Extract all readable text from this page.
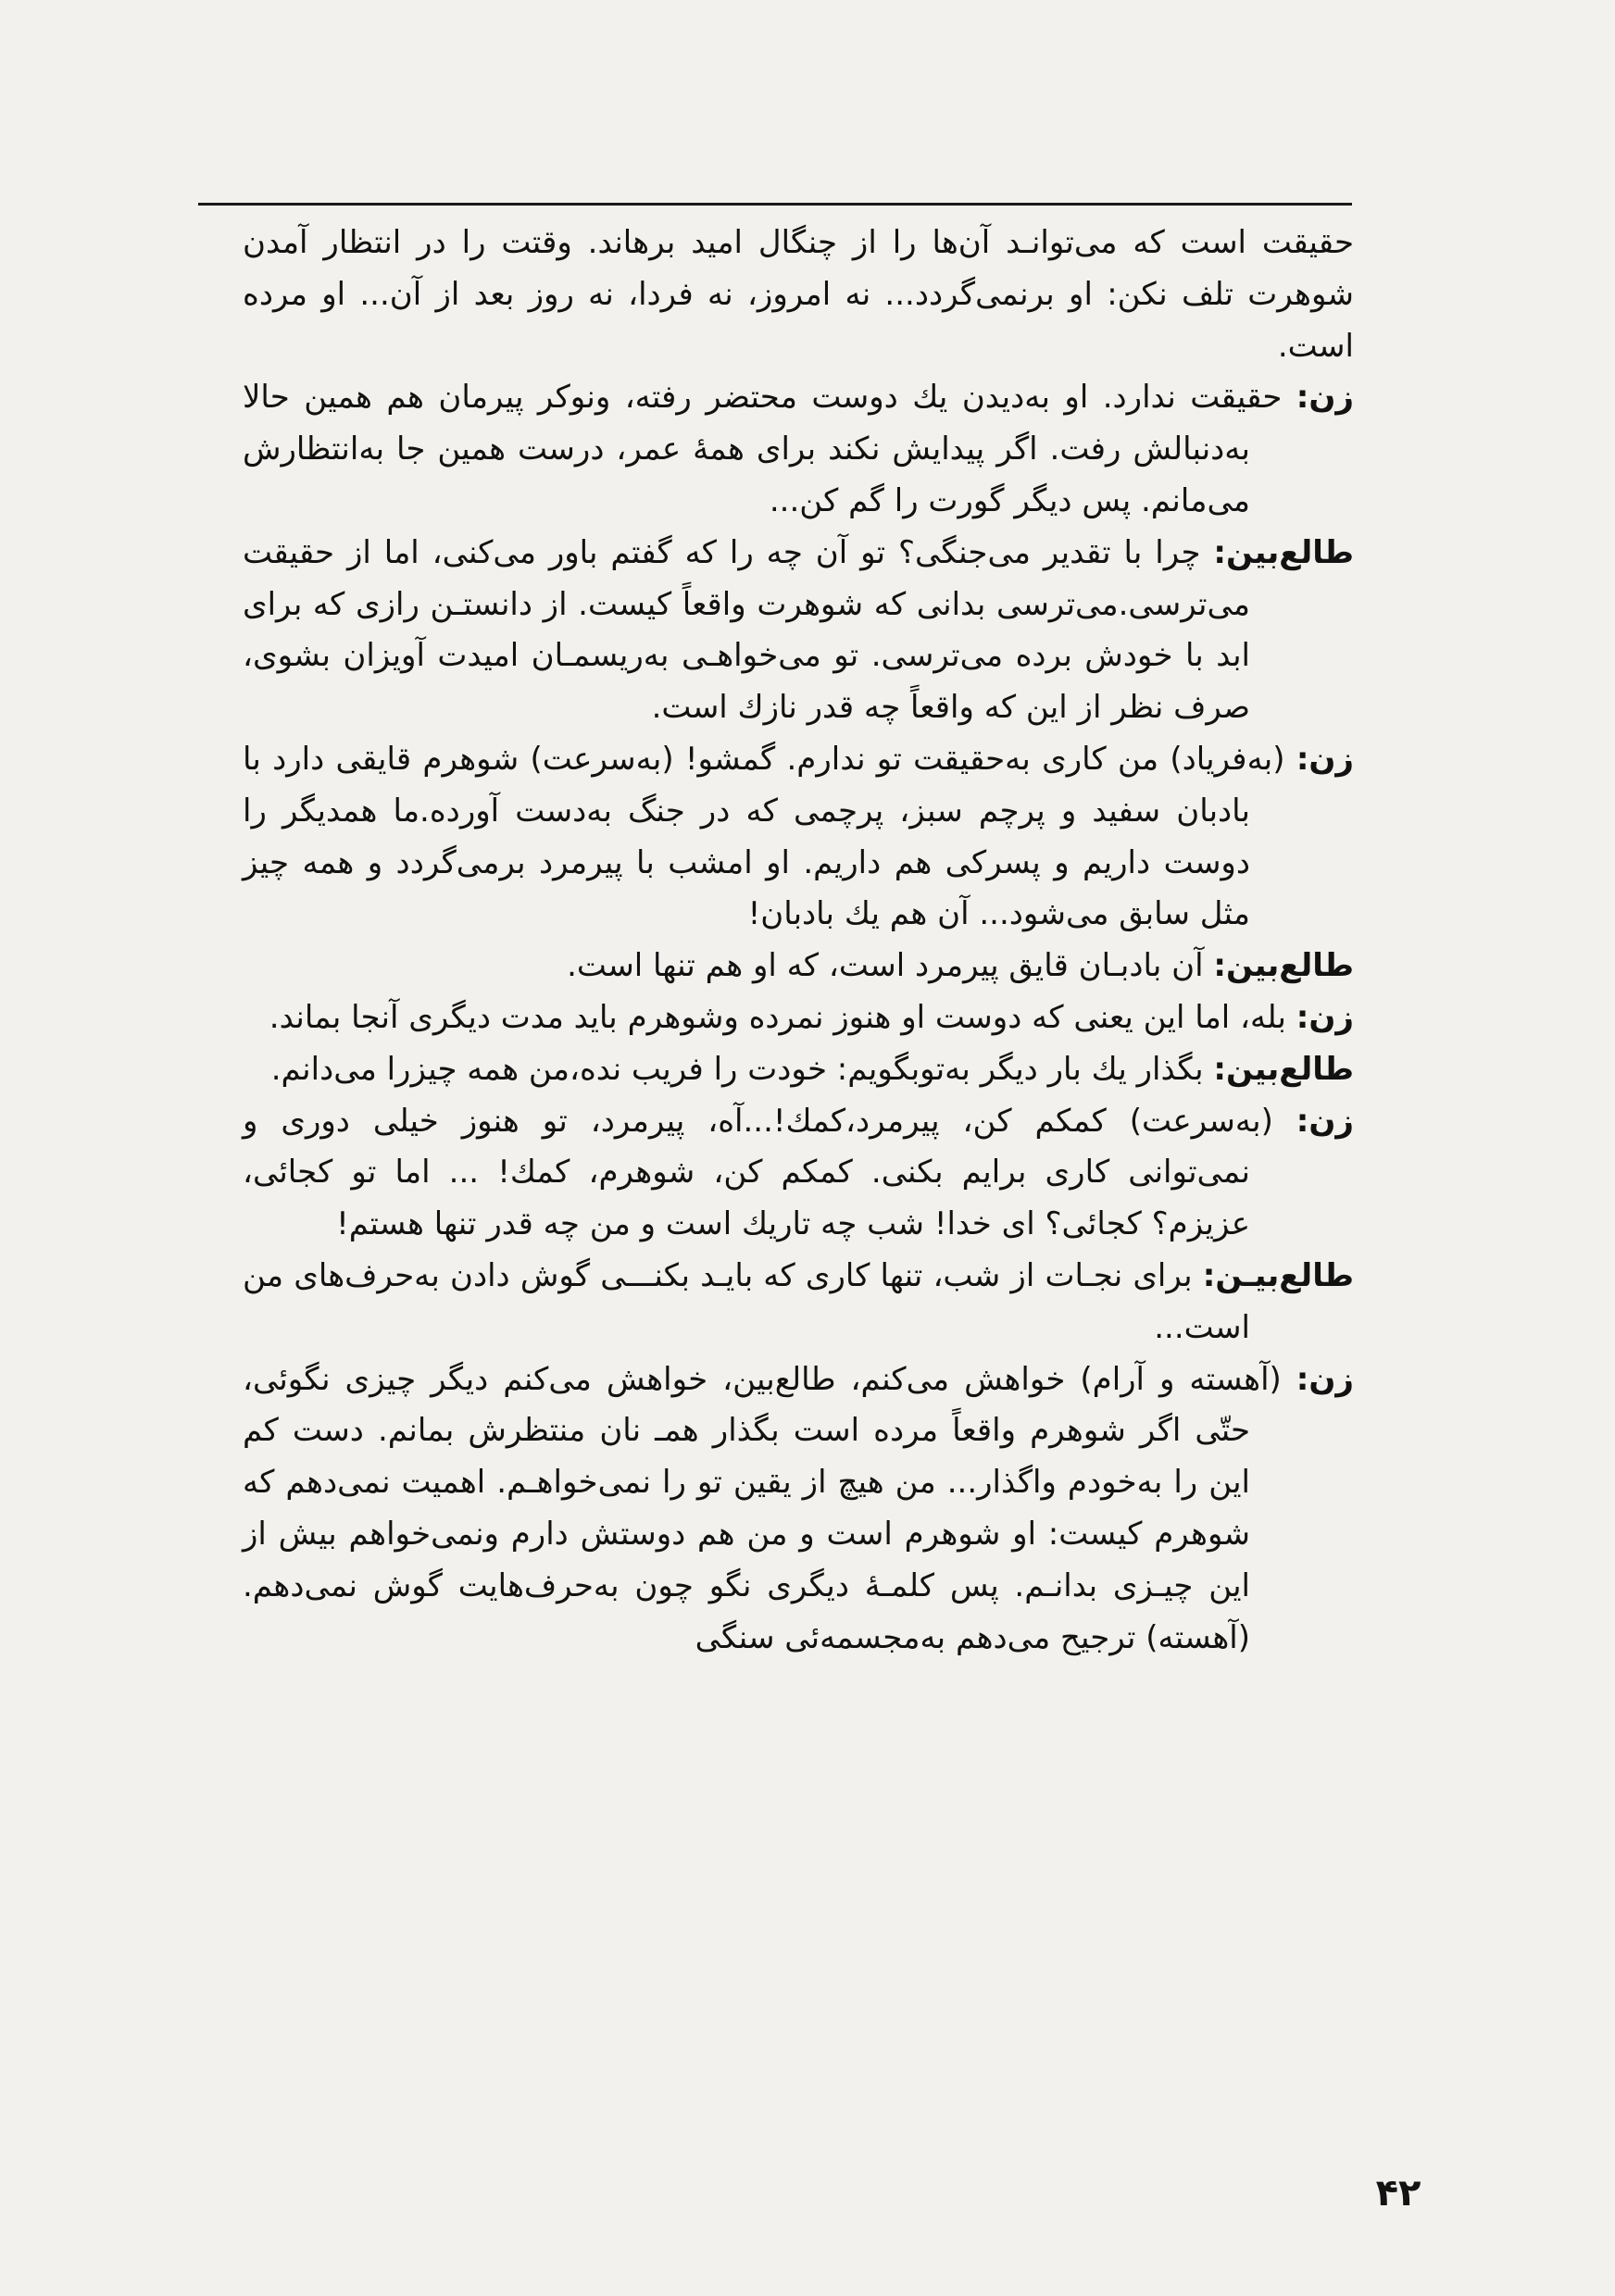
حقیقت است که می‌توانـد آن‌ها را از چنگال امید برهاند. وقتت را در انتظار آمدن شوهرت تلف نکن: او برنمی‌گردد... نه امروز، نه فردا، نه روز بعد از آن... او مرده است.

زن: حقیقت ندارد. او به‌دیدن یك دوست محتضر رفته، ونوکر پیرمان هم همین حالا به‌دنبالش رفت. اگر پیدایش نکند برای همهٔ عمر، درست همین جا به‌انتظارش می‌مانم. پس دیگر گورت را گم کن...

طالع‌بین: چرا با تقدیر می‌جنگی؟ تو آن چه را که گفتم باور می‌کنی، اما از حقیقت می‌ترسی.می‌ترسی بدانی که شوهرت واقعاً کیست. از دانستـن رازی که برای ابد با خودش برده می‌ترسی. تو می‌خواهـی به‌ریسمـان امیدت آویزان بشوی، صرف نظر از این که واقعاً چه قدر نازك است.

زن: (به‌فریاد) من کاری به‌حقیقت تو ندارم. گمشو! (به‌سرعت) شوهرم قایقی دارد با بادبان سفید و پرچم سبز، پرچمی که در جنگ به‌دست آورده.ما همدیگر را دوست داریم و پسرکی هم داریم. او امشب با پیرمرد برمی‌گردد و همه چیز مثل سابق می‌شود... آن هم یك بادبان!

طالع‌بین: آن بادبـان قایق پیرمرد است، که او هم تنها است.

زن: بله، اما این یعنی که دوست او هنوز نمرده وشوهرم باید مدت دیگری آنجا بماند.

طالع‌بین: بگذار یك بار دیگر به‌توبگویم: خودت را فریب نده،من همه چیزرا می‌دانم.

زن: (به‌سرعت) کمکم کن، پیرمرد،کمك!...آه، پیرمرد، تو هنوز خیلی دوری و نمی‌توانی کاری برایم بکنی. کمکم کن، شوهرم، کمك! ... اما تو کجائی، عزیزم؟ کجائی؟ ای خدا! شب چه تاریك است و من چه قدر تنها هستم!

طالع‌بیـن: برای نجـات از شب، تنها کاری که بایـد بکنـــی گوش دادن به‌حرف‌های من است...

زن: (آهسته و آرام) خواهش می‌کنم، طالع‌بین، خواهش می‌کنم دیگر چیزی نگوئی، حتّی اگر شوهرم واقعاً مرده است بگذار همـ نان منتظرش بمانم. دست کم این را به‌خودم واگذار... من هیچ از یقین تو را نمی‌خواهـم. اهمیت نمی‌دهم که شوهرم کیست: او شوهرم است و من هم دوستش دارم ونمی‌خواهم بیش از این چیـزی بدانـم. پس کلمـهٔ دیگری نگو چون به‌حرف‌هایت گوش نمی‌دهم. (آهسته) ترجیح می‌دهم به‌مجسمه‌ئی سنگی

۴۲
